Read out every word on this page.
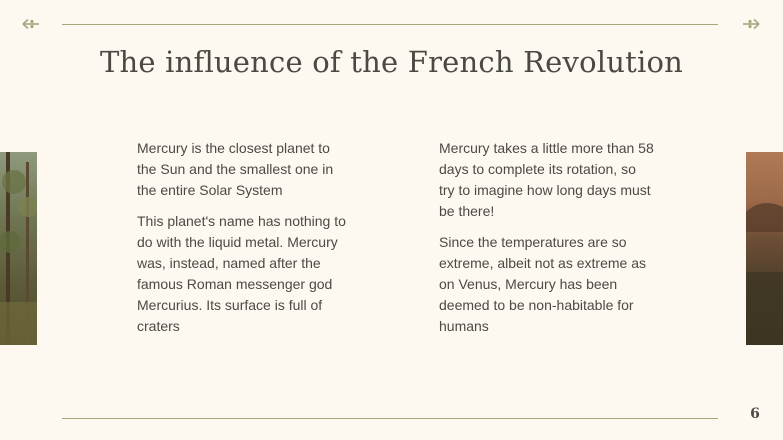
The influence of the French Revolution

Mercury is the closest planet to the Sun and the smallest one in the entire Solar System

This planet's name has nothing to do with the liquid metal. Mercury was, instead, named after the famous Roman messenger god Mercurius. Its surface is full of craters

Mercury takes a little more than 58 days to complete its rotation, so try to imagine how long days must be there!

Since the temperatures are so extreme, albeit not as extreme as on Venus, Mercury has been deemed to be non-habitable for humans

6
